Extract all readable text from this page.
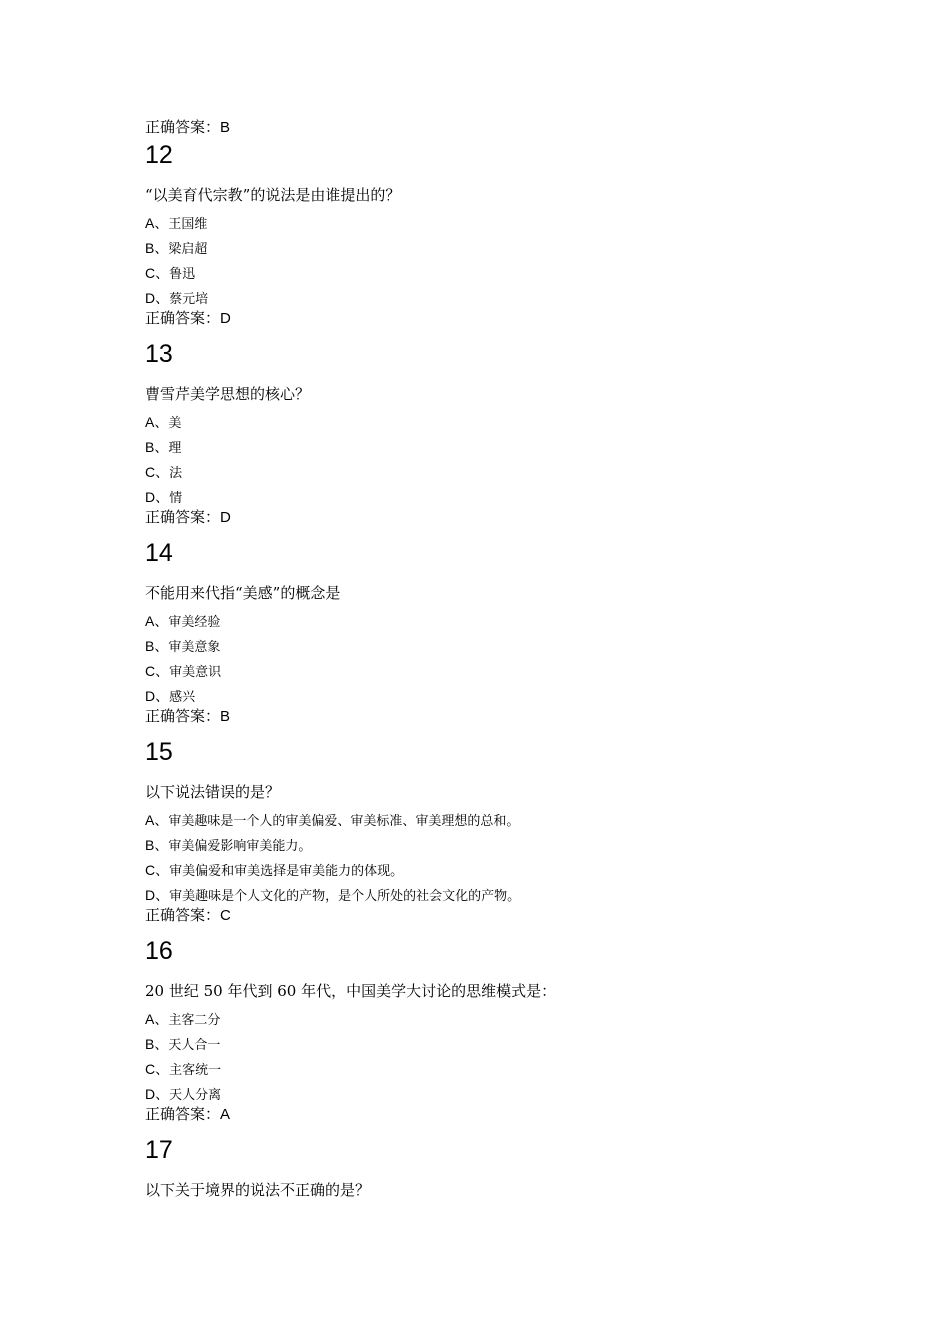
正确答案：B
12
“以美育代宗教”的说法是由谁提出的？
A、王国维
B、梁启超
C、鲁迅
D、蔡元培
正确答案：D
13
曹雪芹美学思想的核心？
A、美
B、理
C、法
D、情
正确答案：D
14
不能用来代指“美感”的概念是
A、审美经验
B、审美意象
C、审美意识
D、感兴
正确答案：B
15
以下说法错误的是？
A、审美趣味是一个人的审美偏爱、审美标准、审美理想的总和。
B、审美偏爱影响审美能力。
C、审美偏爱和审美选择是审美能力的体现。
D、审美趣味是个人文化的产物，是个人所处的社会文化的产物。
正确答案：C
16
20 世纪 50 年代到 60 年代，中国美学大讨论的思维模式是：
A、主客二分
B、天人合一
C、主客统一
D、天人分离
正确答案：A
17
以下关于境界的说法不正确的是？
